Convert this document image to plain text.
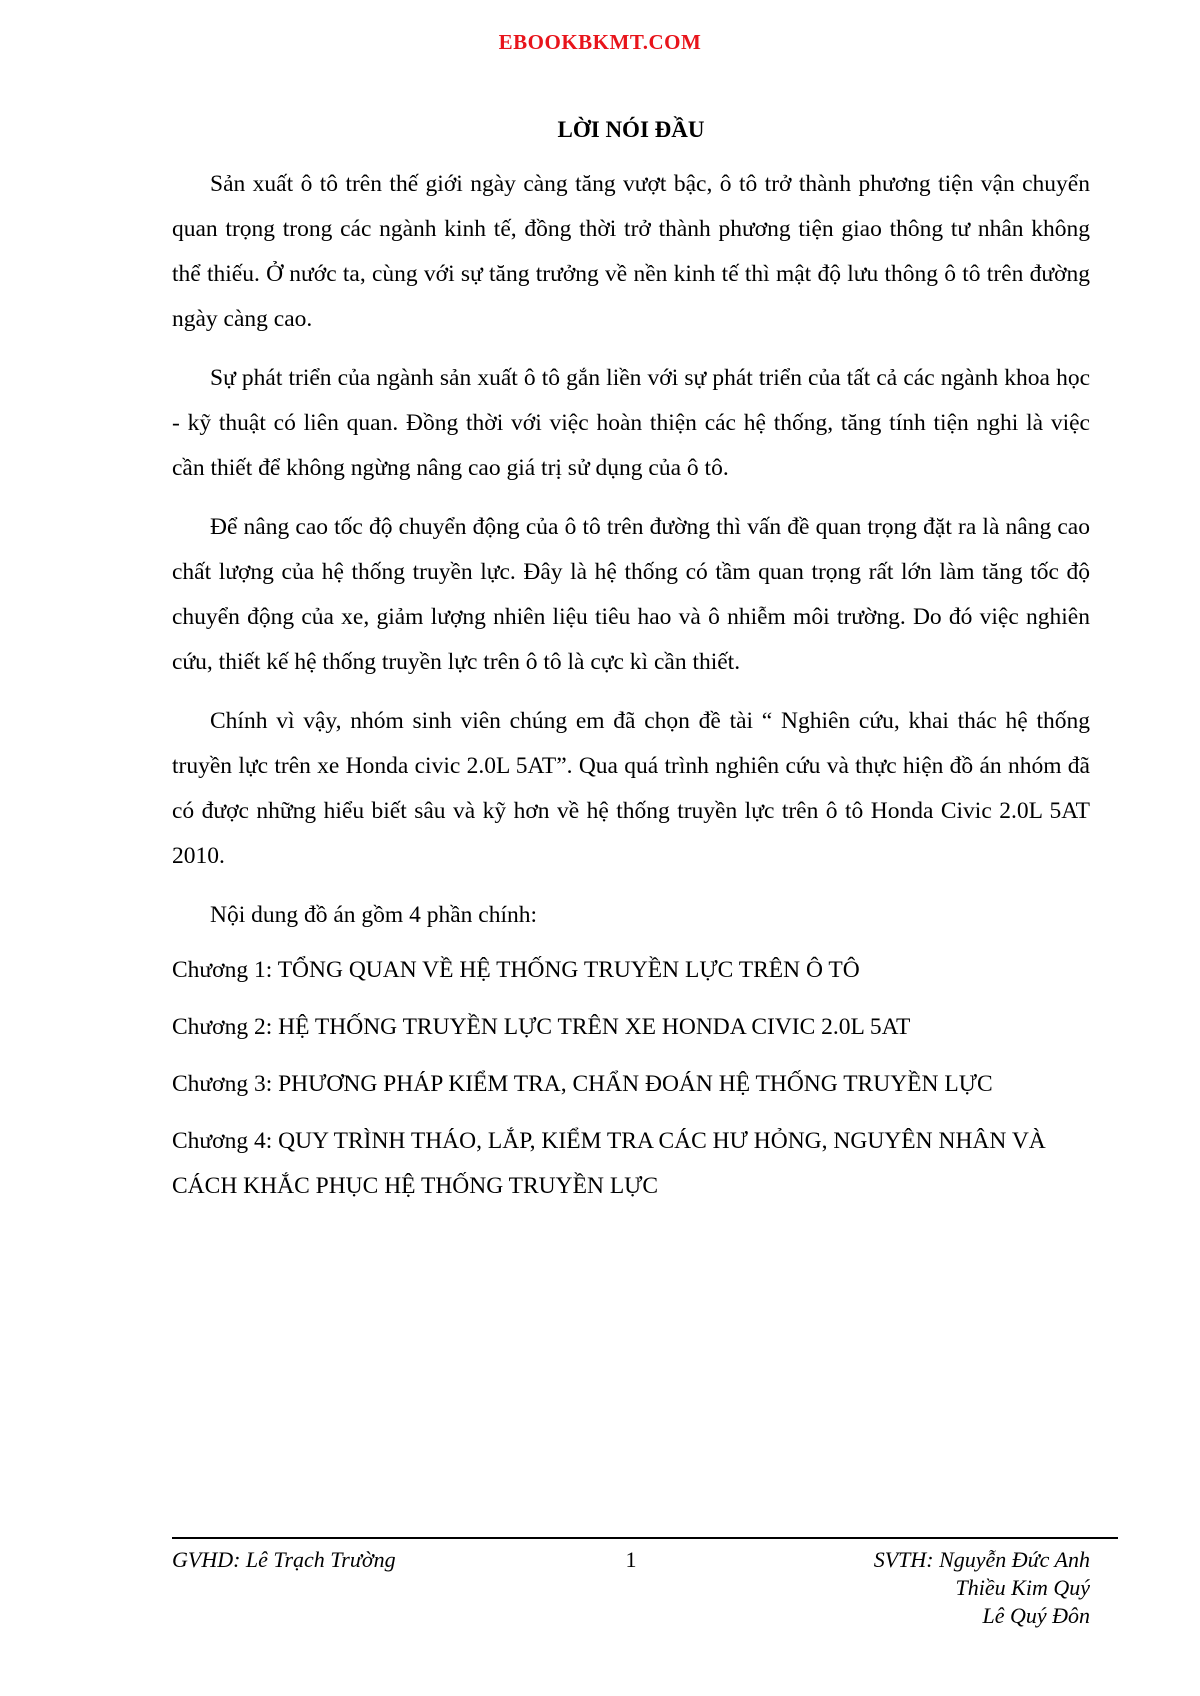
EBOOKBKMT.COM
LỜI NÓI ĐẦU

Sản xuất ô tô trên thế giới ngày càng tăng vượt bậc, ô tô trở thành phương tiện vận chuyển quan trọng trong các ngành kinh tế, đồng thời trở thành phương tiện giao thông tư nhân không thể thiếu. Ở nước ta, cùng với sự tăng trưởng về nền kinh tế thì mật độ lưu thông ô tô trên đường ngày càng cao.

Sự phát triển của ngành sản xuất ô tô gắn liền với sự phát triển của tất cả các ngành khoa học - kỹ thuật có liên quan. Đồng thời với việc hoàn thiện các hệ thống, tăng tính tiện nghi là việc cần thiết để không ngừng nâng cao giá trị sử dụng của ô tô.

Để nâng cao tốc độ chuyển động của ô tô trên đường thì vấn đề quan trọng đặt ra là nâng cao chất lượng của hệ thống truyền lực. Đây là hệ thống có tầm quan trọng rất lớn làm tăng tốc độ chuyển động của xe, giảm lượng nhiên liệu tiêu hao và ô nhiễm môi trường. Do đó việc nghiên cứu, thiết kế hệ thống truyền lực trên ô tô là cực kì cần thiết.

Chính vì vậy, nhóm sinh viên chúng em đã chọn đề tài “ Nghiên cứu, khai thác hệ thống truyền lực trên xe Honda civic 2.0L 5AT”. Qua quá trình nghiên cứu và thực hiện đồ án nhóm đã có được những hiểu biết sâu và kỹ hơn về hệ thống truyền lực trên ô tô Honda Civic 2.0L 5AT 2010.

Nội dung đồ án gồm 4 phần chính:

Chương 1: TỔNG QUAN VỀ HỆ THỐNG TRUYỀN LỰC TRÊN Ô TÔ
Chương 2: HỆ THỐNG TRUYỀN LỰC TRÊN XE HONDA CIVIC 2.0L 5AT
Chương 3: PHƯƠNG PHÁP KIỂM TRA, CHẨN ĐOÁN HỆ THỐNG TRUYỀN LỰC
Chương 4: QUY TRÌNH THÁO, LẮP, KIỂM TRA CÁC HƯ HỎNG, NGUYÊN NHÂN VÀ CÁCH KHẮC PHỤC HỆ THỐNG TRUYỀN LỰC
GVHD: Lê Trạch Trường	1	SVTH: Nguyễn Đức Anh
Thiều Kim Quý
Lê Quý Đôn
